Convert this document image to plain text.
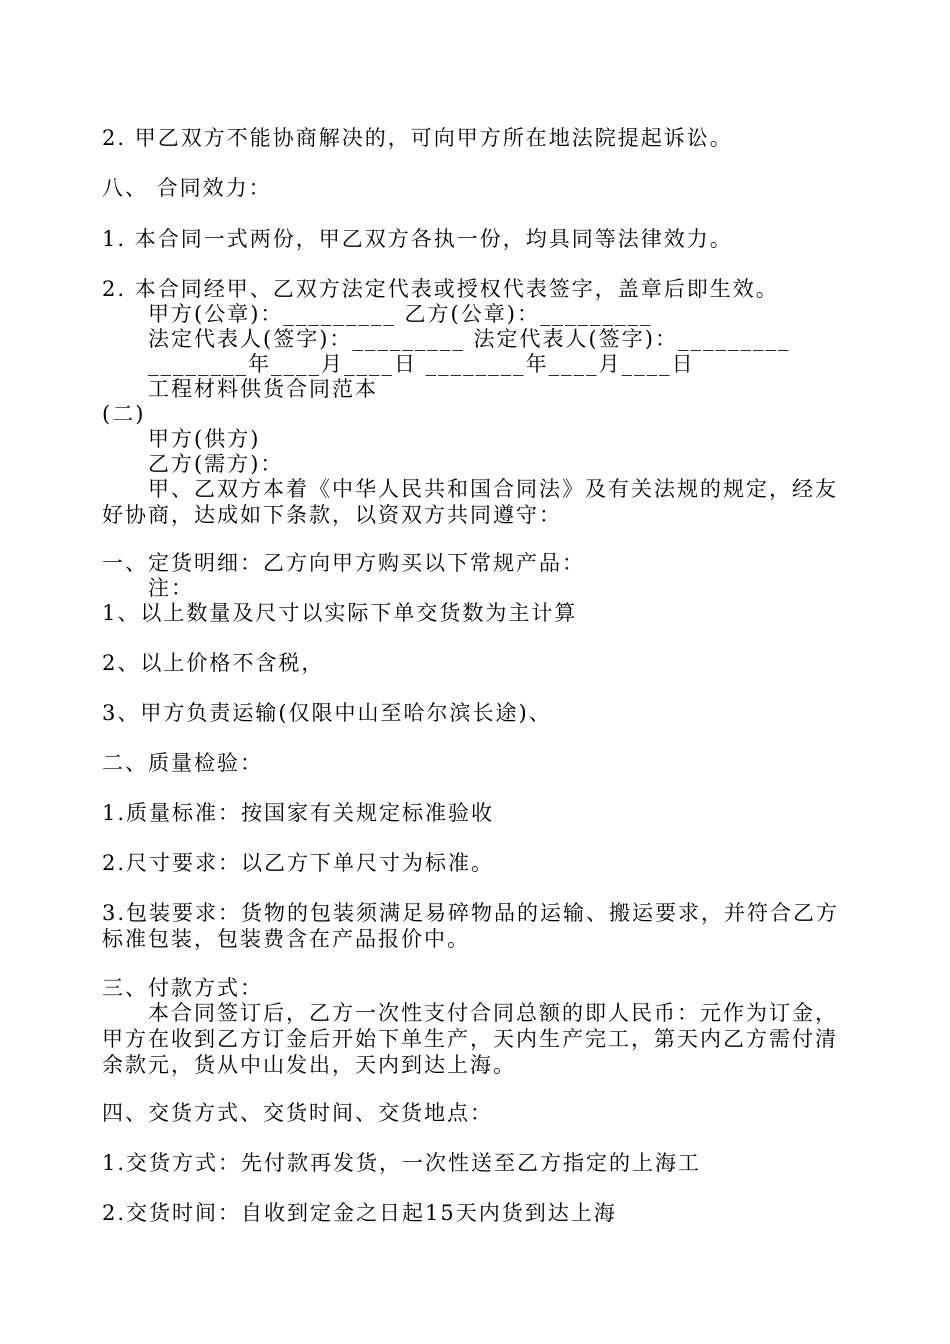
2. 甲乙双方不能协商解决的，可向甲方所在地法院提起诉讼。
八、 合同效力：
1. 本合同一式两份，甲乙双方各执一份，均具同等法律效力。
2. 本合同经甲、乙双方法定代表或授权代表签字，盖章后即生效。
甲方(公章)：_________ 乙方(公章)：_________
法定代表人(签字)：_________ 法定代表人(签字)：_________
________年____月____日 ________年____月____日
工程材料供货合同范本
(二)
甲方(供方)
乙方(需方)：
甲、乙双方本着《中华人民共和国合同法》及有关法规的规定，经友好协商，达成如下条款，以资双方共同遵守：
一、定货明细：乙方向甲方购买以下常规产品：
注：
1、以上数量及尺寸以实际下单交货数为主计算
2、以上价格不含税，
3、甲方负责运输(仅限中山至哈尔滨长途)、
二、质量检验：
1.质量标准：按国家有关规定标准验收
2.尺寸要求：以乙方下单尺寸为标准。
3.包装要求：货物的包装须满足易碎物品的运输、搬运要求，并符合乙方标准包装，包装费含在产品报价中。
三、付款方式：
本合同签订后，乙方一次性支付合同总额的即人民币：元作为订金，甲方在收到乙方订金后开始下单生产，天内生产完工，第天内乙方需付清余款元，货从中山发出，天内到达上海。
四、交货方式、交货时间、交货地点：
1.交货方式：先付款再发货，一次性送至乙方指定的上海工
2.交货时间：自收到定金之日起15天内货到达上海
